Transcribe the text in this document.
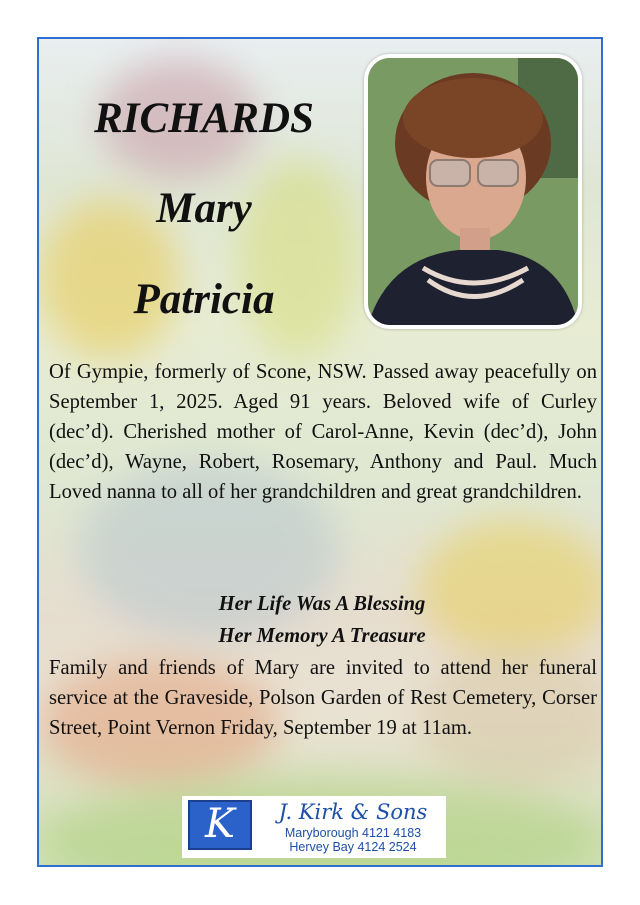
RICHARDS
Mary
Patricia

Of Gympie, formerly of Scone, NSW. Passed away peacefully on September 1, 2025. Aged 91 years. Beloved wife of Curley (dec’d). Cherished mother of Carol-Anne, Kevin (dec’d), John (dec’d), Wayne, Robert, Rosemary, Anthony and Paul. Much Loved nanna to all of her grandchildren and great grandchildren.

Her Life Was A Blessing

Her Memory A Treasure

Family and friends of Mary are invited to attend her funeral service at the Graveside, Polson Garden of Rest Cemetery, Corser Street, Point Vernon Friday, September 19 at 11am.

K	J. Kirk & Sons
Maryborough 4121 4183
Hervey Bay 4124 2524
